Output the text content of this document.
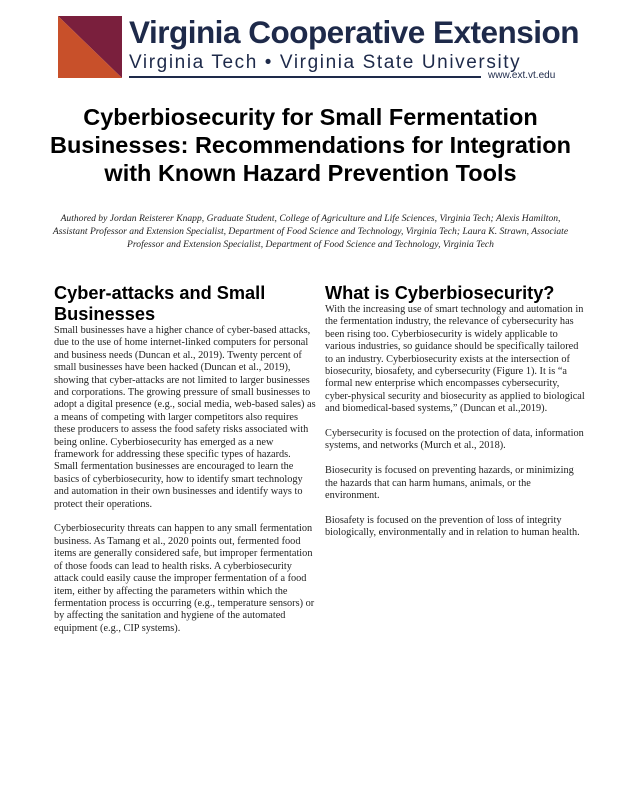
Virginia Cooperative Extension
Virginia Tech • Virginia State University
www.ext.vt.edu
Cyberbiosecurity for Small Fermentation Businesses: Recommendations for Integration with Known Hazard Prevention Tools

Authored by Jordan Reisterer Knapp, Graduate Student, College of Agriculture and Life Sciences, Virginia Tech; Alexis Hamilton, Assistant Professor and Extension Specialist, Department of Food Science and Technology, Virginia Tech; Laura K. Strawn, Associate Professor and Extension Specialist, Department of Food Science and Technology, Virginia Tech

Cyber-attacks and Small Businesses

Small businesses have a higher chance of cyber-based attacks, due to the use of home internet-linked computers for personal and business needs (Duncan et al., 2019). Twenty percent of small businesses have been hacked (Duncan et al., 2019), showing that cyber-attacks are not limited to larger businesses and corporations. The growing pressure of small businesses to adopt a digital presence (e.g., social media, web-based sales) as a means of competing with larger competitors also requires these producers to assess the food safety risks associated with being online. Cyberbiosecurity has emerged as a new framework for addressing these specific types of hazards. Small fermentation businesses are encouraged to learn the basics of cyberbiosecurity, how to identify smart technology and automation in their own businesses and identify ways to protect their operations.

Cyberbiosecurity threats can happen to any small fermentation business. As Tamang et al., 2020 points out, fermented food items are generally considered safe, but improper fermentation of those foods can lead to health risks. A cyberbiosecurity attack could easily cause the improper fermentation of a food item, either by affecting the parameters within which the fermentation process is occurring (e.g., temperature sensors) or by affecting the sanitation and hygiene of the automated equipment (e.g., CIP systems).

What is Cyberbiosecurity?

With the increasing use of smart technology and automation in the fermentation industry, the relevance of cybersecurity has been rising too. Cyberbiosecurity is widely applicable to various industries, so guidance should be specifically tailored to an industry. Cyberbiosecurity exists at the intersection of biosecurity, biosafety, and cybersecurity (Figure 1). It is “a formal new enterprise which encompasses cybersecurity, cyber-physical security and biosecurity as applied to biological and biomedical-based systems,” (Duncan et al.,2019).

Cybersecurity is focused on the protection of data, information systems, and networks (Murch et al., 2018).

Biosecurity is focused on preventing hazards, or minimizing the hazards that can harm humans, animals, or the environment.

Biosafety is focused on the prevention of loss of integrity biologically, environmentally and in relation to human health.
